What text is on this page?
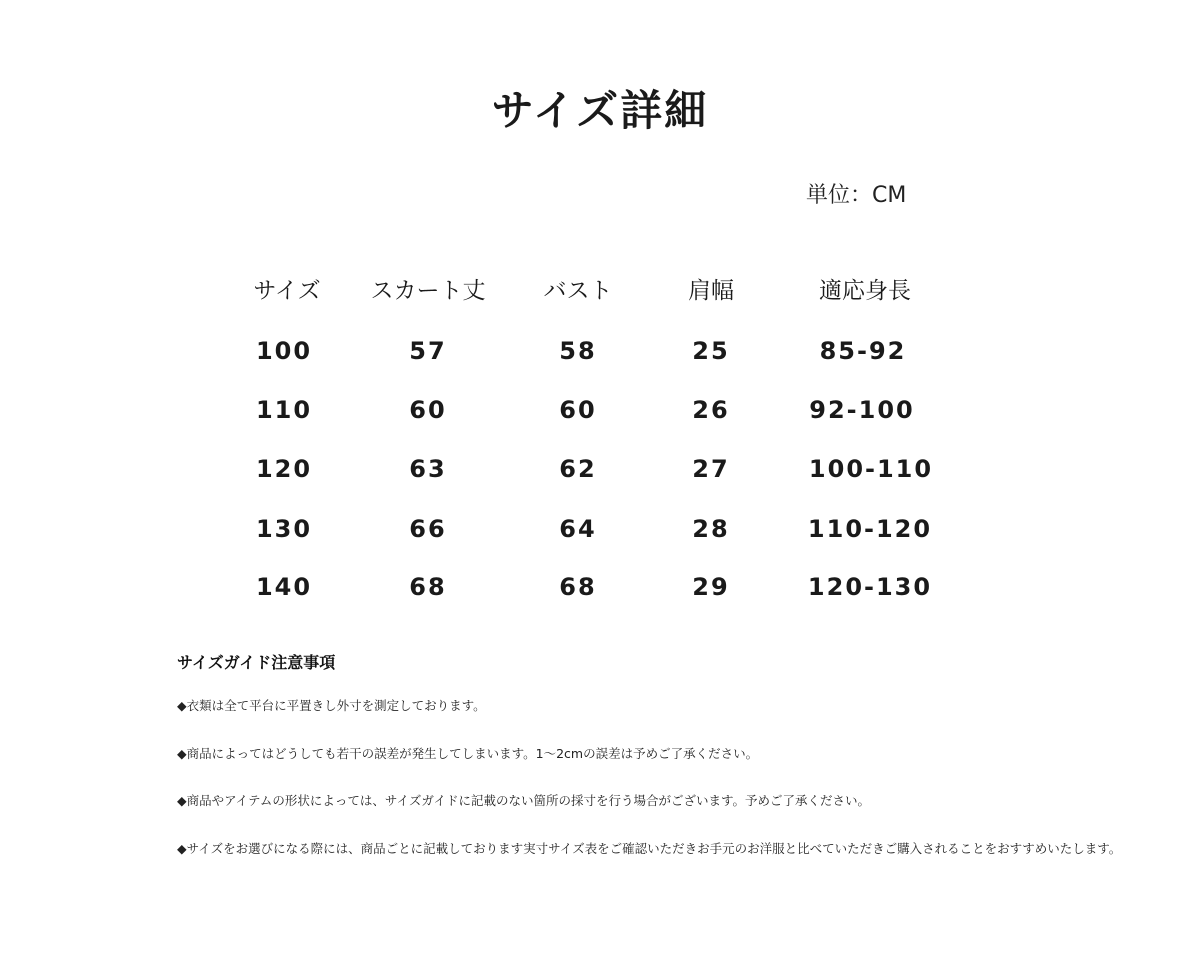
サイズ詳細
単位：CM
サイズ	スカート丈	バスト	肩幅	適応身長
100	57	58	25	85-92
110	60	60	26	92-100
120	63	62	27	100-110
130	66	64	28	110-120
140	68	68	29	120-130
サイズガイド注意事項
◆衣類は全て平台に平置きし外寸を測定しております。
◆商品によってはどうしても若干の誤差が発生してしまいます。1～2cmの誤差は予めご了承ください。
◆商品やアイテムの形状によっては、サイズガイドに記載のない箇所の採寸を行う場合がございます。予めご了承ください。
◆サイズをお選びになる際には、商品ごとに記載しております実寸サイズ表をご確認いただきお手元のお洋服と比べていただきご購入されることをおすすめいたします。
